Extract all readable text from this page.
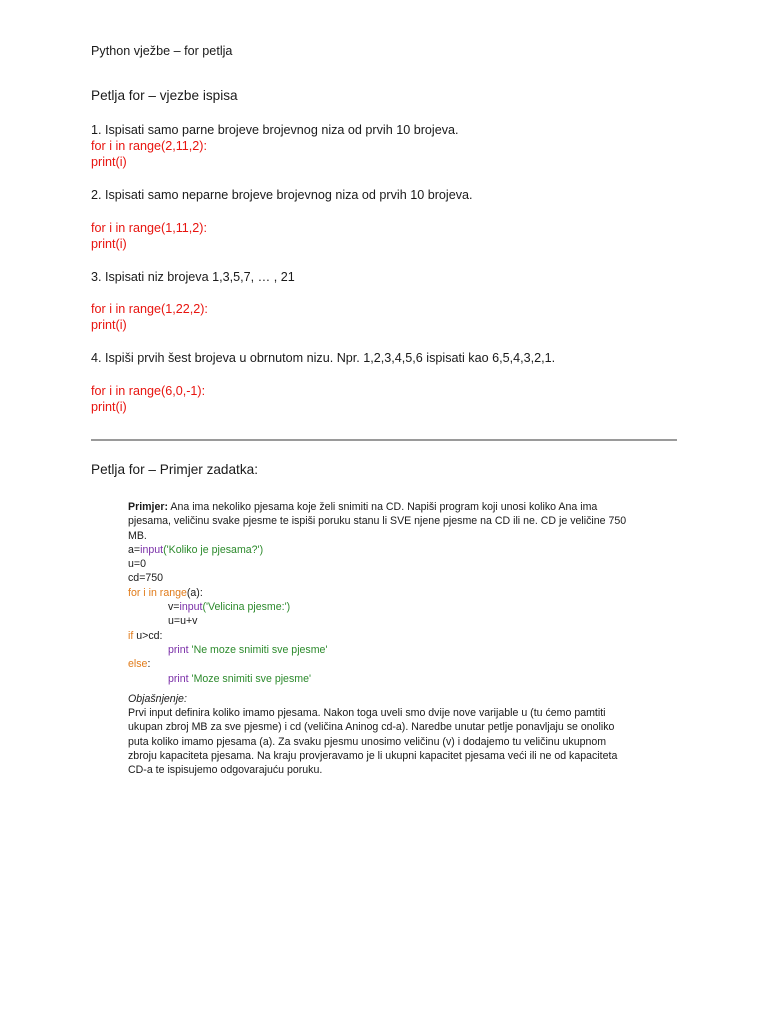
Python vježbe – for petlja
Petlja for – vjezbe ispisa
1. Ispisati samo parne brojeve brojevnog niza od prvih 10 brojeva.
for i in range(2,11,2):
print(i)
2. Ispisati samo neparne brojeve brojevnog niza od prvih 10 brojeva.
for i in range(1,11,2):
print(i)
3. Ispisati niz brojeva 1,3,5,7, … , 21
for i in range(1,22,2):
print(i)
4. Ispiši prvih šest brojeva u obrnutom nizu. Npr. 1,2,3,4,5,6 ispisati kao 6,5,4,3,2,1.
for i in range(6,0,-1):
print(i)
Petlja for – Primjer zadatka:
Primjer: Ana ima nekoliko pjesama koje želi snimiti na CD. Napiši program koji unosi koliko Ana ima
pjesama, veličinu svake pjesme te ispiši poruku stanu li SVE njene pjesme na CD ili ne. CD je veličine 750
MB.
a=input('Koliko je pjesama?')
u=0
cd=750
for i in range(a):
v=input('Velicina pjesme:')
u=u+v
if u>cd:
print 'Ne moze snimiti sve pjesme'
else:
print 'Moze snimiti sve pjesme'
Objašnjenje:
Prvi input definira koliko imamo pjesama. Nakon toga uveli smo dvije nove varijable u (tu ćemo pamtiti
ukupan zbroj MB za sve pjesme) i cd (veličina Aninog cd-a). Naredbe unutar petlje ponavljaju se onoliko
puta koliko imamo pjesama (a). Za svaku pjesmu unosimo veličinu (v) i dodajemo tu veličinu ukupnom
zbroju kapaciteta pjesama. Na kraju provjeravamo je li ukupni kapacitet pjesama veći ili ne od kapaciteta
CD-a te ispisujemo odgovarajuću poruku.
